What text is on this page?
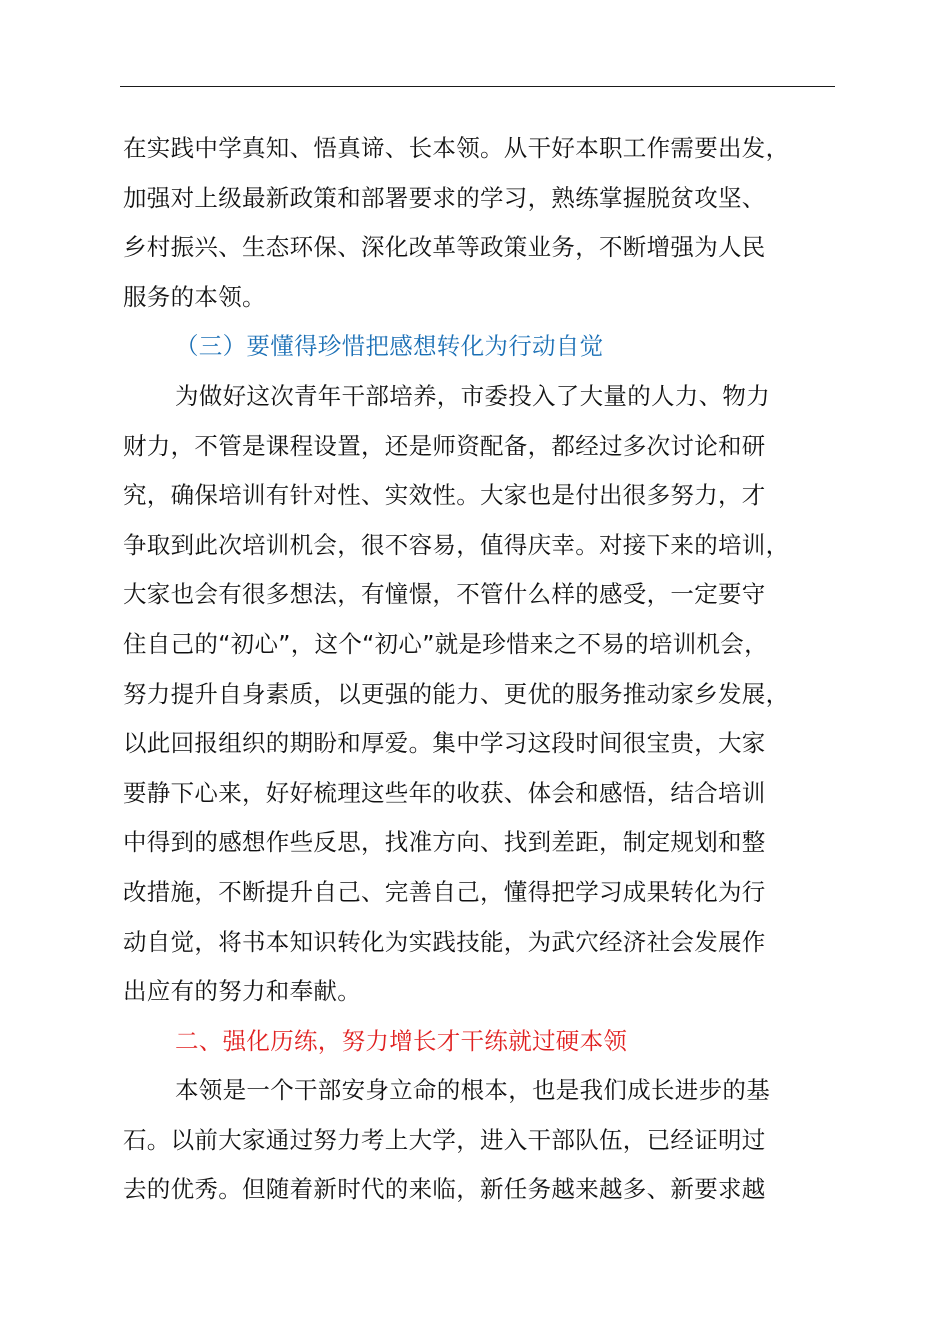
在实践中学真知、悟真谛、长本领。从干好本职工作需要出发，
加强对上级最新政策和部署要求的学习，熟练掌握脱贫攻坚、
乡村振兴、生态环保、深化改革等政策业务，不断增强为人民
服务的本领。
（三）要懂得珍惜把感想转化为行动自觉
为做好这次青年干部培养，市委投入了大量的人力、物力
财力，不管是课程设置，还是师资配备，都经过多次讨论和研
究，确保培训有针对性、实效性。大家也是付出很多努力，才
争取到此次培训机会，很不容易，值得庆幸。对接下来的培训，
大家也会有很多想法，有憧憬，不管什么样的感受，一定要守
住自己的“初心”，这个“初心”就是珍惜来之不易的培训机会，
努力提升自身素质，以更强的能力、更优的服务推动家乡发展，
以此回报组织的期盼和厚爱。集中学习这段时间很宝贵，大家
要静下心来，好好梳理这些年的收获、体会和感悟，结合培训
中得到的感想作些反思，找准方向、找到差距，制定规划和整
改措施，不断提升自己、完善自己，懂得把学习成果转化为行
动自觉，将书本知识转化为实践技能，为武穴经济社会发展作
出应有的努力和奉献。
二、强化历练，努力增长才干练就过硬本领
本领是一个干部安身立命的根本，也是我们成长进步的基
石。以前大家通过努力考上大学，进入干部队伍，已经证明过
去的优秀。但随着新时代的来临，新任务越来越多、新要求越
